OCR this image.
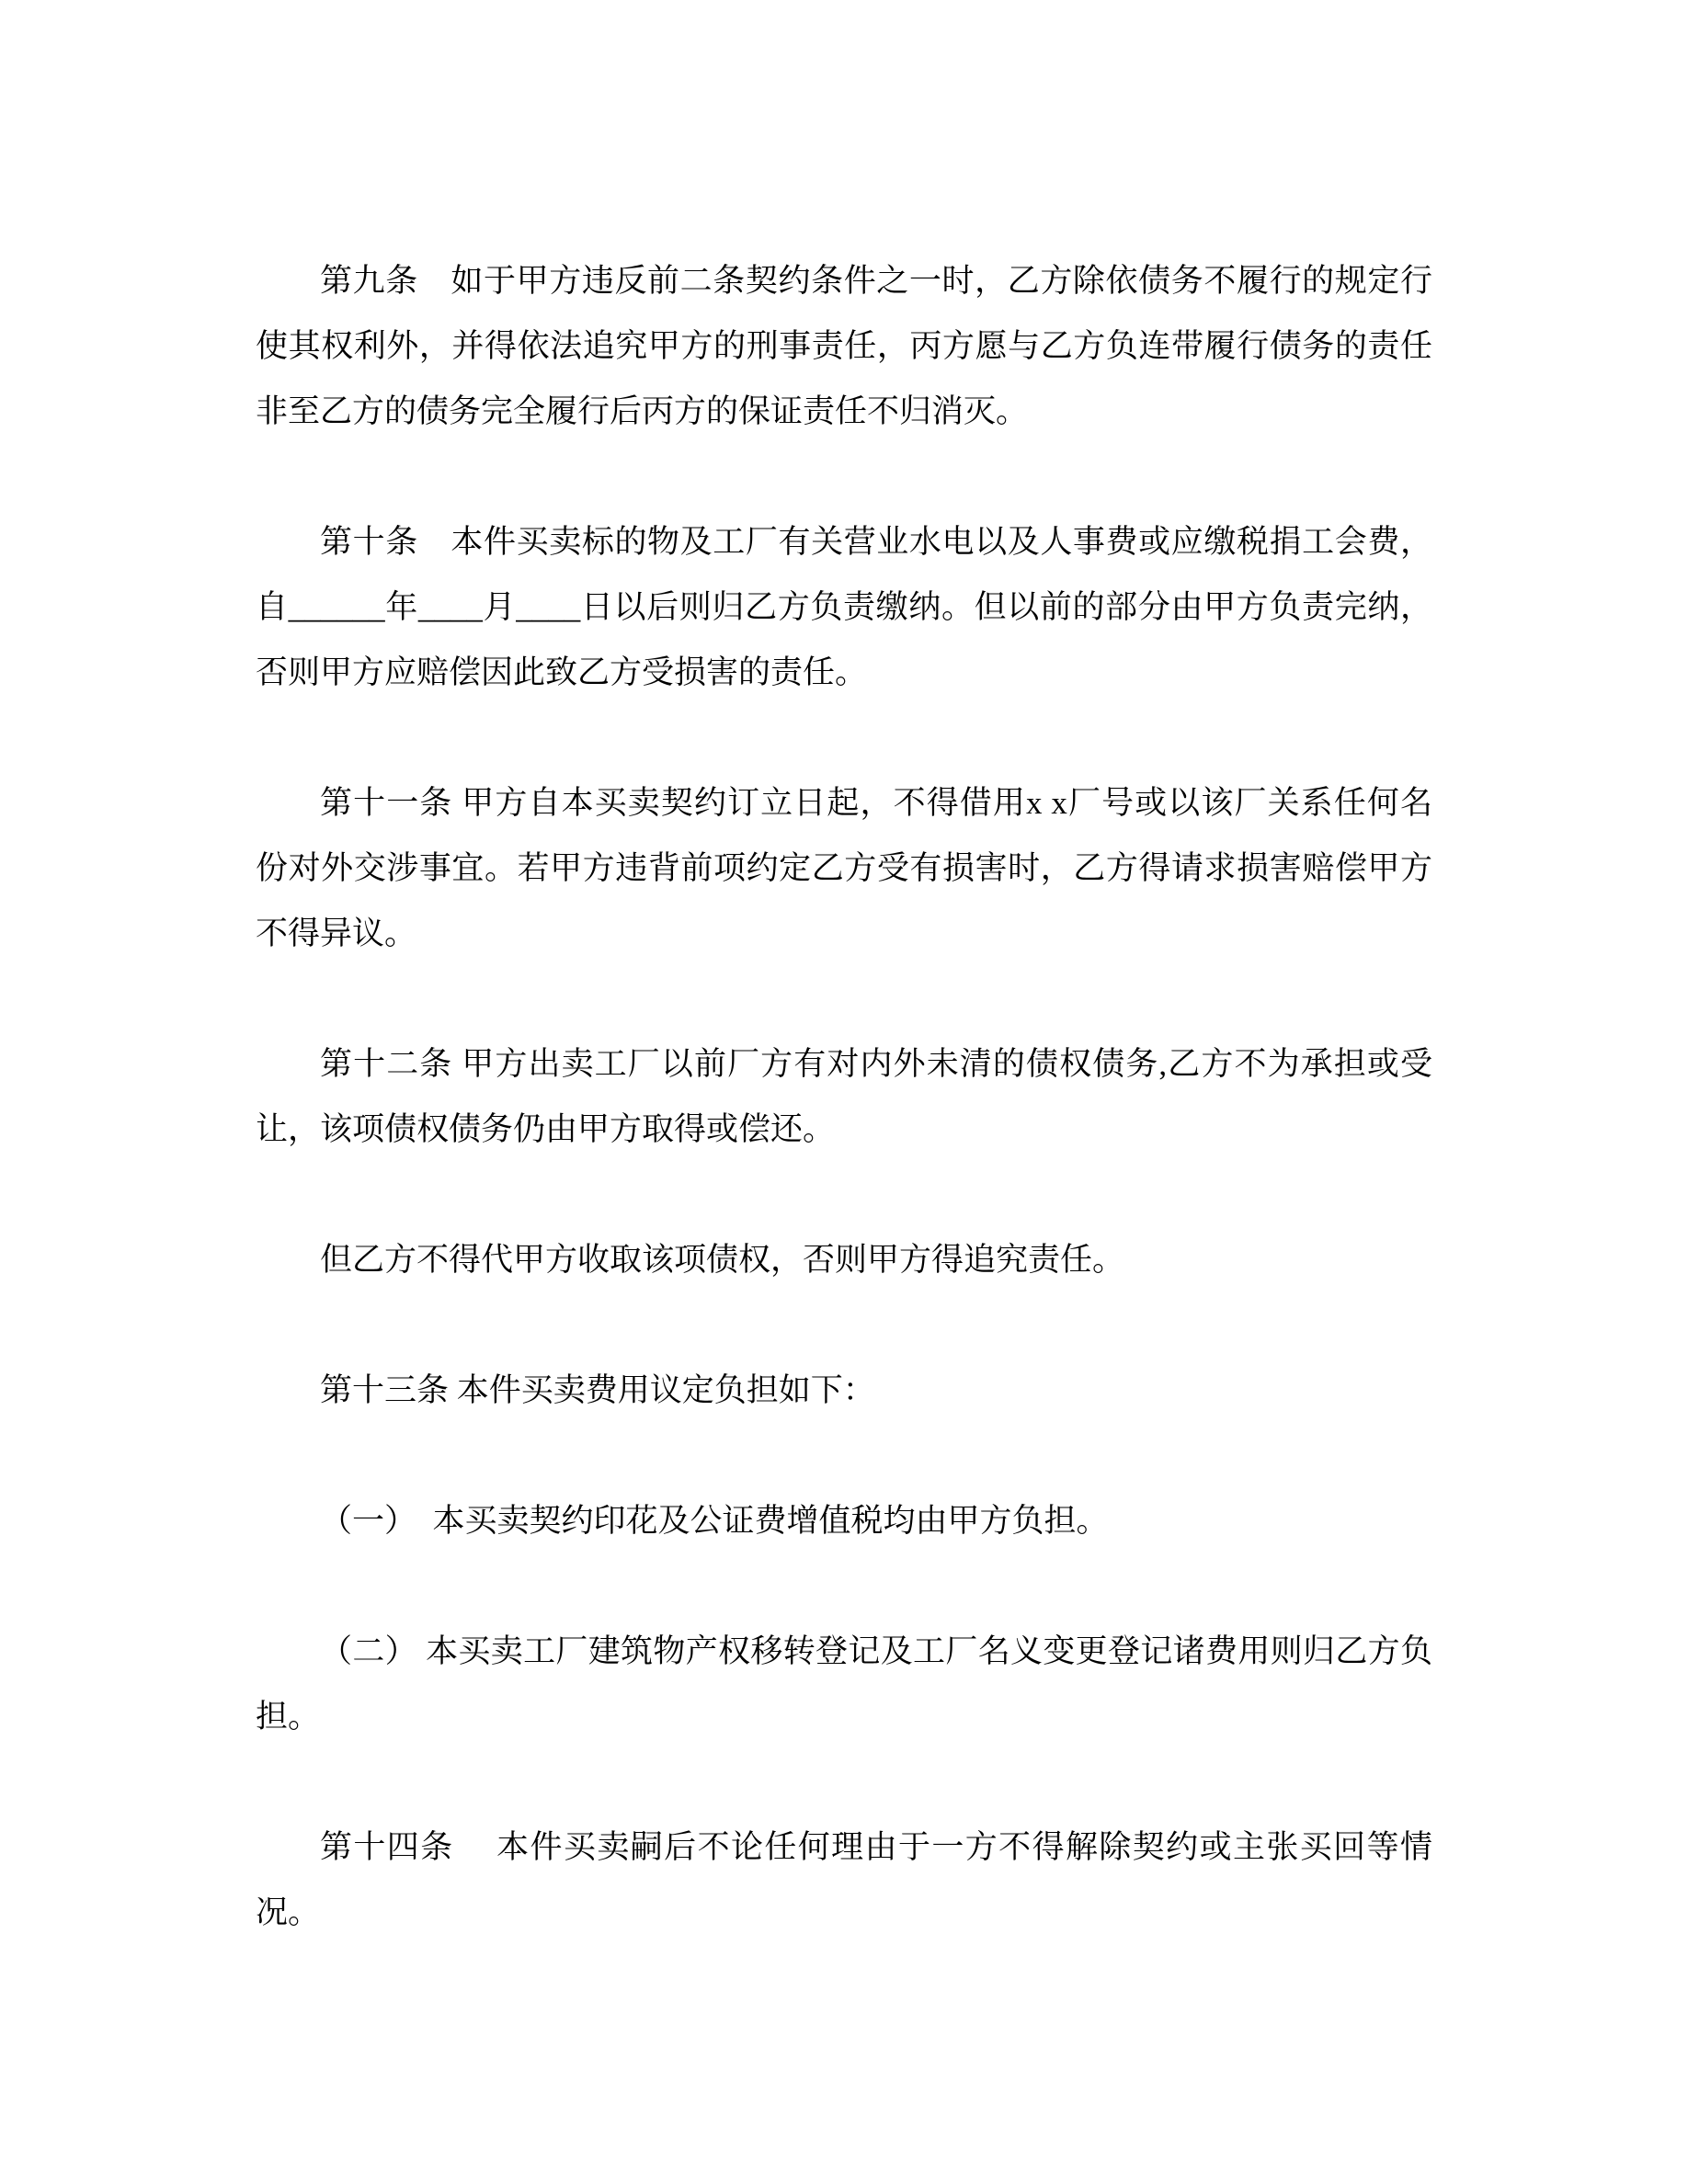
第九条　如于甲方违反前二条契约条件之一时，乙方除依债务不履行的规定行
使其权利外，并得依法追究甲方的刑事责任，丙方愿与乙方负连带履行债务的责任
非至乙方的债务完全履行后丙方的保证责任不归消灭。
第十条　本件买卖标的物及工厂有关营业水电以及人事费或应缴税捐工会费，
自______年____月____日以后则归乙方负责缴纳。但以前的部分由甲方负责完纳，
否则甲方应赔偿因此致乙方受损害的责任。
第十一条 甲方自本买卖契约订立日起，不得借用x x厂号或以该厂关系任何名
份对外交涉事宜。若甲方违背前项约定乙方受有损害时，乙方得请求损害赔偿甲方
不得异议。
第十二条 甲方出卖工厂以前厂方有对内外未清的债权债务,乙方不为承担或受
让，该项债权债务仍由甲方取得或偿还。
但乙方不得代甲方收取该项债权，否则甲方得追究责任。
第十三条 本件买卖费用议定负担如下：
（一）　本买卖契约印花及公证费增值税均由甲方负担。
（二） 本买卖工厂建筑物产权移转登记及工厂名义变更登记诸费用则归乙方负
担。
第十四条　 本件买卖嗣后不论任何理由于一方不得解除契约或主张买回等情
况。
